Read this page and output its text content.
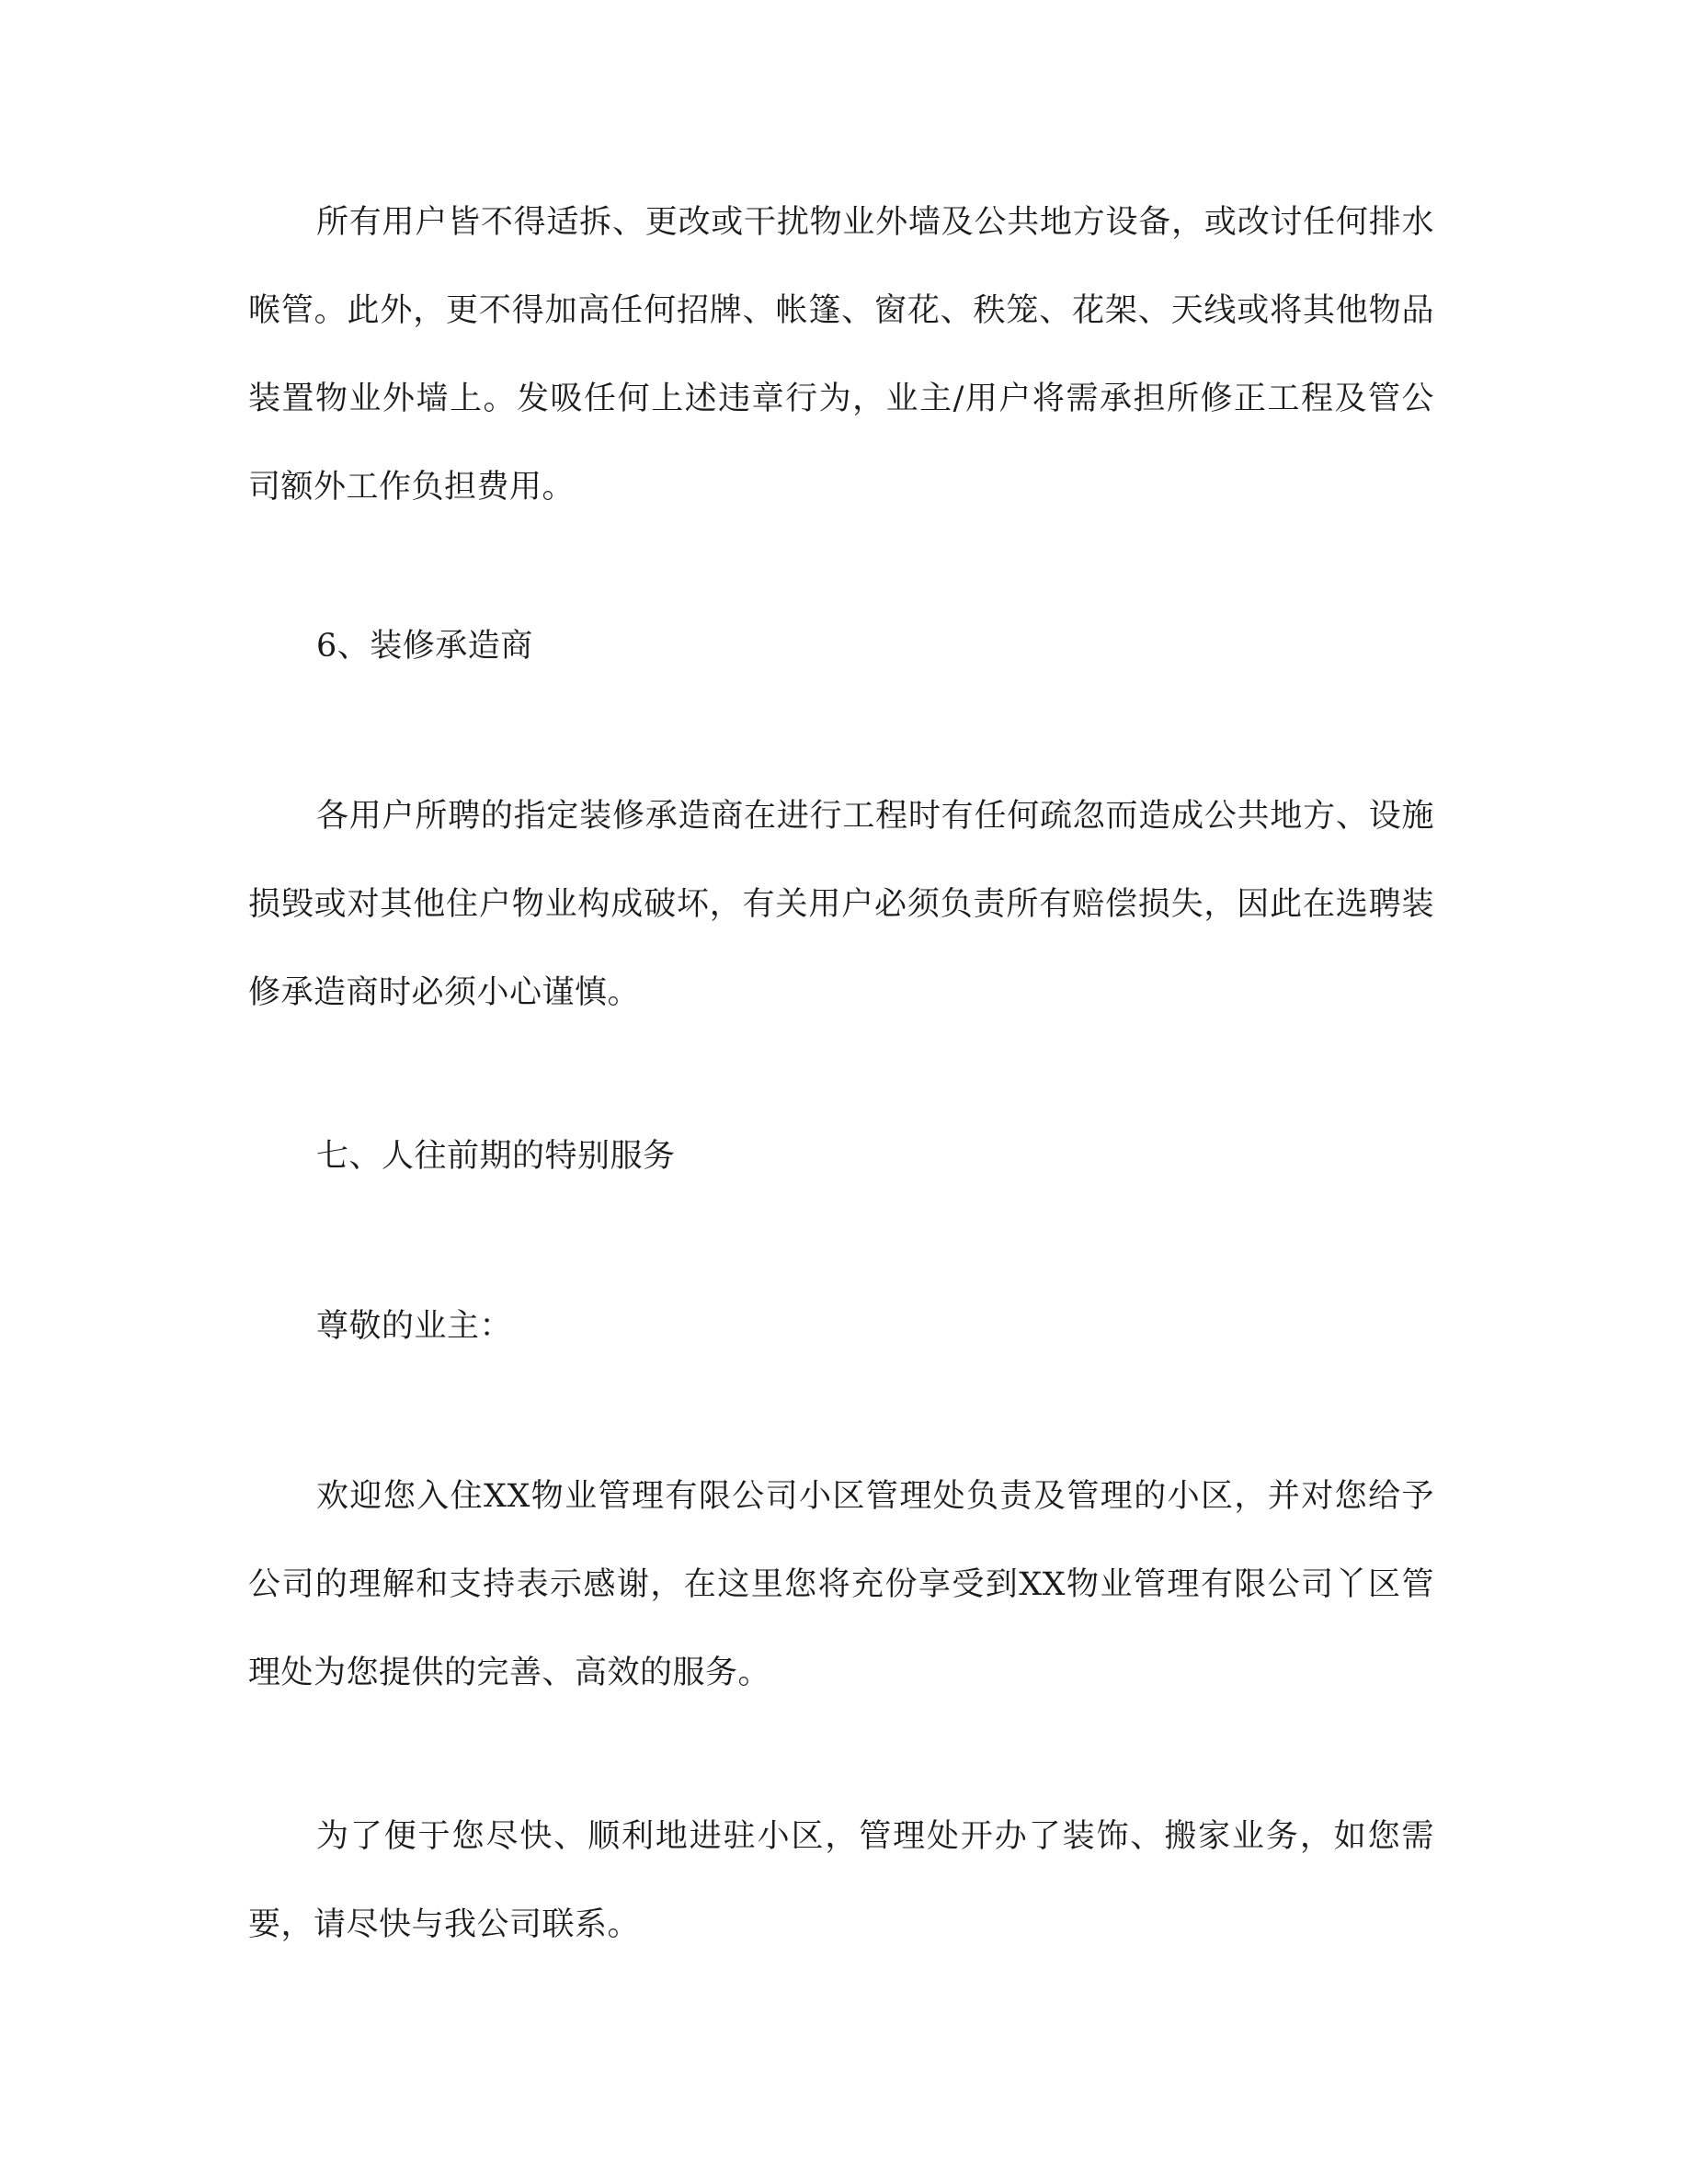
所有用户皆不得适拆、更改或干扰物业外墙及公共地方设备，或改讨任何排水喉管。此外，更不得加高任何招牌、帐篷、窗花、秩笼、花架、天线或将其他物品装置物业外墙上。发吸任何上述违章行为，业主/用户将需承担所修正工程及管公司额外工作负担费用。

6、装修承造商

各用户所聘的指定装修承造商在进行工程时有任何疏忽而造成公共地方、设施损毁或对其他住户物业构成破坏，有关用户必须负责所有赔偿损失，因此在选聘装修承造商时必须小心谨慎。

七、人往前期的特别服务

尊敬的业主：

欢迎您入住XX物业管理有限公司小区管理处负责及管理的小区，并对您给予公司的理解和支持表示感谢，在这里您将充份享受到XX物业管理有限公司丫区管理处为您提供的完善、高效的服务。

为了便于您尽快、顺利地进驻小区，管理处开办了装饰、搬家业务，如您需要，请尽快与我公司联系。
